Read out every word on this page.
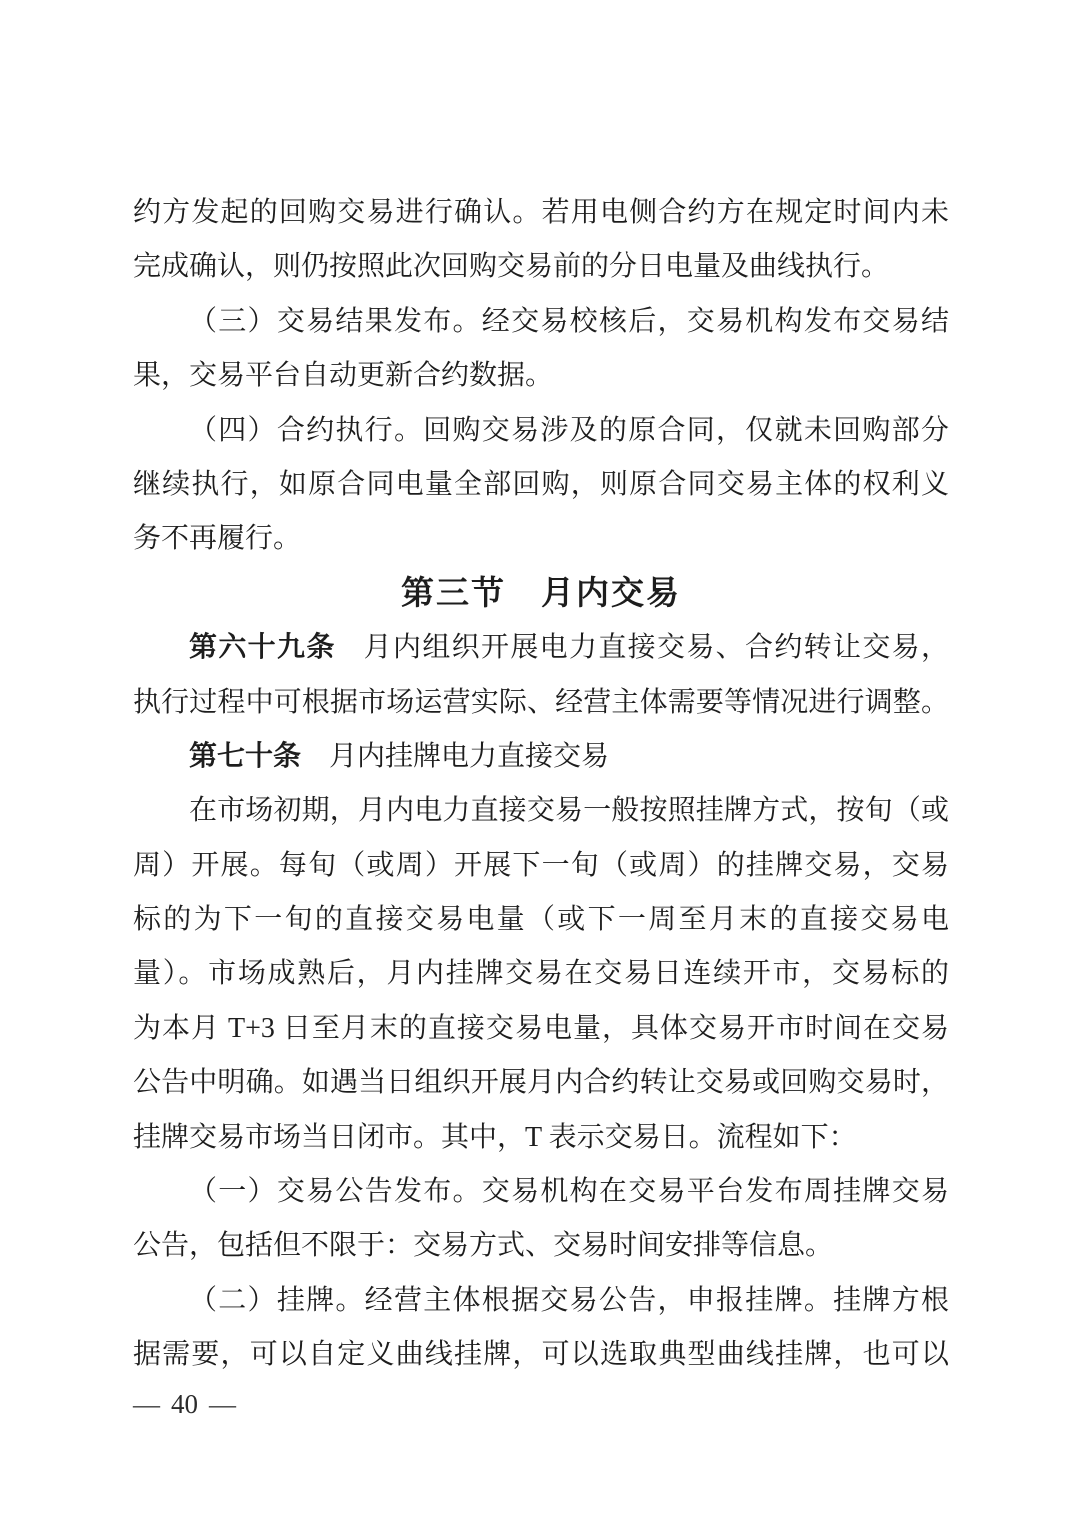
约方发起的回购交易进行确认。若用电侧合约方在规定时间内未
完成确认，则仍按照此次回购交易前的分日电量及曲线执行。
（三）交易结果发布。经交易校核后，交易机构发布交易结
果，交易平台自动更新合约数据。
（四）合约执行。回购交易涉及的原合同，仅就未回购部分
继续执行，如原合同电量全部回购，则原合同交易主体的权利义
务不再履行。
第三节　月内交易
第六十九条 月内组织开展电力直接交易、合约转让交易，
执行过程中可根据市场运营实际、经营主体需要等情况进行调整。
第七十条 月内挂牌电力直接交易
在市场初期，月内电力直接交易一般按照挂牌方式，按旬（或
周）开展。每旬（或周）开展下一旬（或周）的挂牌交易，交易
标的为下一旬的直接交易电量（或下一周至月末的直接交易电
量）。市场成熟后，月内挂牌交易在交易日连续开市，交易标的
为本月 T+3 日至月末的直接交易电量，具体交易开市时间在交易
公告中明确。如遇当日组织开展月内合约转让交易或回购交易时，
挂牌交易市场当日闭市。其中，T 表示交易日。流程如下：
（一）交易公告发布。交易机构在交易平台发布周挂牌交易
公告，包括但不限于：交易方式、交易时间安排等信息。
（二）挂牌。经营主体根据交易公告，申报挂牌。挂牌方根
据需要，可以自定义曲线挂牌，可以选取典型曲线挂牌，也可以
— 40 —
